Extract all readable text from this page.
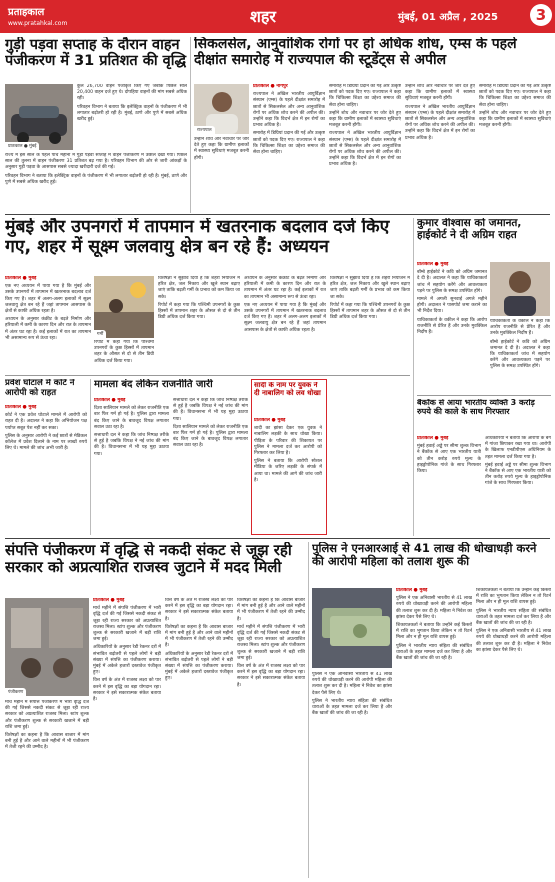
प्रताहकाल
www.pratahkal.com	शहर	मुंबई, 01 अप्रैल , 2025	3
गुड़ी पड़वा सप्ताह के दौरान वाहन पंजीकरण में 31 प्रतिशत की वृद्धि
प्रातःकाल ● मुंबई

कुल 26,700 वाहन पंजीकृत किए गए जबकि पिछले साल 20,400 वाहन दर्ज हुए थे। दोपहिया वाहनों की मांग सबसे अधिक रही।

परिवहन विभाग ने बताया कि इलेक्ट्रिक वाहनों के पंजीकरण में भी लगातार बढ़ोतरी हो रही है। मुंबई, ठाणे और पुणे में सबसे अधिक खरीद हुई।

राज्य में इस साल के पहले पांच महीनों में गुड़ी पड़वा सप्ताह में वाहन पंजीकरण में उछाल देखा गया। पिछले साल की तुलना में वाहन पंजीकरण 31 प्रतिशत बढ़ गया है। परिवहन विभाग की ओर से जारी आंकड़ों के अनुसार गुड़ी पड़वा के आसपास सबसे ज्यादा खरीदारी दर्ज की गई।

परिवहन विभाग ने बताया कि इलेक्ट्रिक वाहनों के पंजीकरण में भी लगातार बढ़ोतरी हो रही है। मुंबई, ठाणे और पुणे में सबसे अधिक खरीद हुई।

सिकलसेल, आनुवांशिक रोगों पर हो अधिक शोध, एम्स के पहले दीक्षांत समारोह में राज्यपाल की स्टूडेंट्स से अपील
राज्यपाल

उन्होंने शोध और नवाचार पर जोर देते हुए कहा कि ग्रामीण इलाकों में स्वास्थ्य सुविधाएं मजबूत करनी होंगी।

प्रातःकाल ● नागपुर

राज्यपाल ने अखिल भारतीय आयुर्विज्ञान संस्थान (एम्स) के पहले दीक्षांत समारोह में छात्रों से सिकलसेल और अन्य आनुवांशिक रोगों पर अधिक शोध करने की अपील की। उन्होंने कहा कि विदर्भ क्षेत्र में इन रोगों का प्रभाव अधिक है।

समारोह में डिग्रियां प्रदान की गईं और उत्कृष्ट छात्रों को पदक दिए गए। राज्यपाल ने कहा कि चिकित्सा शिक्षा का उद्देश्य समाज की सेवा होना चाहिए।

समारोह में डिग्रियां प्रदान की गईं और उत्कृष्ट छात्रों को पदक दिए गए। राज्यपाल ने कहा कि चिकित्सा शिक्षा का उद्देश्य समाज की सेवा होना चाहिए।

उन्होंने शोध और नवाचार पर जोर देते हुए कहा कि ग्रामीण इलाकों में स्वास्थ्य सुविधाएं मजबूत करनी होंगी।

राज्यपाल ने अखिल भारतीय आयुर्विज्ञान संस्थान (एम्स) के पहले दीक्षांत समारोह में छात्रों से सिकलसेल और अन्य आनुवांशिक रोगों पर अधिक शोध करने की अपील की। उन्होंने कहा कि विदर्भ क्षेत्र में इन रोगों का प्रभाव अधिक है।

उन्होंने शोध और नवाचार पर जोर देते हुए कहा कि ग्रामीण इलाकों में स्वास्थ्य सुविधाएं मजबूत करनी होंगी।

राज्यपाल ने अखिल भारतीय आयुर्विज्ञान संस्थान (एम्स) के पहले दीक्षांत समारोह में छात्रों से सिकलसेल और अन्य आनुवांशिक रोगों पर अधिक शोध करने की अपील की। उन्होंने कहा कि विदर्भ क्षेत्र में इन रोगों का प्रभाव अधिक है।

समारोह में डिग्रियां प्रदान की गईं और उत्कृष्ट छात्रों को पदक दिए गए। राज्यपाल ने कहा कि चिकित्सा शिक्षा का उद्देश्य समाज की सेवा होना चाहिए।

उन्होंने शोध और नवाचार पर जोर देते हुए कहा कि ग्रामीण इलाकों में स्वास्थ्य सुविधाएं मजबूत करनी होंगी।

मुंबई और उपनगरों में तापमान में खतरनाक बदलाव दर्ज किए गए, शहर में सूक्ष्म जलवायु क्षेत्र बन रहे हैं: अध्ययन
प्रातःकाल ● मुंबई

एक नए अध्ययन में पाया गया है कि मुंबई और उसके उपनगरों में तापमान में खतरनाक बदलाव दर्ज किए गए हैं। शहर में अलग-अलग इलाकों में सूक्ष्म जलवायु क्षेत्र बन रहे हैं जहां तापमान आसपास के क्षेत्रों से काफी अधिक रहता है।

अध्ययन के अनुसार कंक्रीट के बढ़ते निर्माण और हरियाली में कमी के कारण दिन और रात के तापमान में अंतर घट रहा है। कई इलाकों में रात का तापमान भी असामान्य रूप से ऊंचा रहा।

गर्मी

रिपोर्ट में कहा गया कि पश्चिमी उपनगरों के कुछ हिस्सों में तापमान शहर के औसत से दो से तीन डिग्री अधिक दर्ज किया गया।

विशेषज्ञों ने सुझाव दिया है कि शहरी नियोजन में हरित क्षेत्र, जल निकाय और खुले स्थान बढ़ाए जाएं ताकि बढ़ती गर्मी के प्रभाव को कम किया जा सके।

रिपोर्ट में कहा गया कि पश्चिमी उपनगरों के कुछ हिस्सों में तापमान शहर के औसत से दो से तीन डिग्री अधिक दर्ज किया गया।

अध्ययन के अनुसार कंक्रीट के बढ़ते निर्माण और हरियाली में कमी के कारण दिन और रात के तापमान में अंतर घट रहा है। कई इलाकों में रात का तापमान भी असामान्य रूप से ऊंचा रहा।

एक नए अध्ययन में पाया गया है कि मुंबई और उसके उपनगरों में तापमान में खतरनाक बदलाव दर्ज किए गए हैं। शहर में अलग-अलग इलाकों में सूक्ष्म जलवायु क्षेत्र बन रहे हैं जहां तापमान आसपास के क्षेत्रों से काफी अधिक रहता है।

विशेषज्ञों ने सुझाव दिया है कि शहरी नियोजन में हरित क्षेत्र, जल निकाय और खुले स्थान बढ़ाए जाएं ताकि बढ़ती गर्मी के प्रभाव को कम किया जा सके।

रिपोर्ट में कहा गया कि पश्चिमी उपनगरों के कुछ हिस्सों में तापमान शहर के औसत से दो से तीन डिग्री अधिक दर्ज किया गया।

कुमार वीश्वास को जमानत, हाईकोर्ट ने दी अग्रिम राहत
प्रातःकाल ● मुंबई

बॉम्बे हाईकोर्ट ने कवि को अग्रिम जमानत दे दी है। अदालत ने कहा कि याचिकाकर्ता जांच में सहयोग करेंगे और आवश्यकता पड़ने पर पुलिस के समक्ष उपस्थित होंगे।

मामले में अगली सुनवाई अगले महीने होगी। अदालत ने पासपोर्ट जमा कराने का भी निर्देश दिया।

याचिकाकर्ता के वकील ने कहा कि आरोप राजनीति से प्रेरित हैं और उनके मुवक्किल निर्दोष हैं।

याचिकाकर्ता के वकील ने कहा कि आरोप राजनीति से प्रेरित हैं और उनके मुवक्किल निर्दोष हैं।

बॉम्बे हाईकोर्ट ने कवि को अग्रिम जमानत दे दी है। अदालत ने कहा कि याचिकाकर्ता जांच में सहयोग करेंगे और आवश्यकता पड़ने पर पुलिस के समक्ष उपस्थित होंगे।

प्रवेश घोटाले में कोर्ट ने आरोपी को राहत
प्रातःकाल ● मुंबई

कोर्ट ने एक प्रवेश घोटाले मामले में आरोपी को राहत दी है। अदालत ने कहा कि अभियोजन पक्ष पर्याप्त सबूत पेश नहीं कर सका।

पुलिस के अनुसार आरोपी ने कई छात्रों से मेडिकल कॉलेज में प्रवेश दिलाने के नाम पर लाखों रुपये लिए थे। मामले की जांच अभी जारी है।

मामला बंद लेकिन राजनीति जारी
प्रातःकाल ● मुंबई

दिशा सालियान मामले को लेकर राजनीति एक बार फिर गर्म हो गई है। पुलिस द्वारा मामला बंद किए जाने के बावजूद विपक्ष लगातार सवाल उठा रहा है।

सत्ताधारी दल ने कहा कि जांच निष्पक्ष तरीके से हुई है जबकि विपक्ष ने नई जांच की मांग की है। विधानसभा में भी यह मुद्दा उठाया गया।

सत्ताधारी दल ने कहा कि जांच निष्पक्ष तरीके से हुई है जबकि विपक्ष ने नई जांच की मांग की है। विधानसभा में भी यह मुद्दा उठाया गया।

दिशा सालियान मामले को लेकर राजनीति एक बार फिर गर्म हो गई है। पुलिस द्वारा मामला बंद किए जाने के बावजूद विपक्ष लगातार सवाल उठा रहा है।

सादी के नाम पर युवक ने दी नाबालिग को लव धोखा
प्रातःकाल ● मुंबई

शादी का झांसा देकर एक युवक ने नाबालिग लड़की के साथ धोखा किया। पीड़िता के परिवार की शिकायत पर पुलिस ने मामला दर्ज कर आरोपी को गिरफ्तार कर लिया है।

पुलिस ने बताया कि आरोपी सोशल मीडिया के जरिए लड़की के संपर्क में आया था। मामले की आगे की जांच जारी है।

बैंकॉक से आया भारतीय व्यक्ति 3 करोड़ रुपये की काले के साथ गिरफ्तार
प्रातःकाल ● मुंबई

मुंबई हवाई अड्डे पर सीमा शुल्क विभाग ने बैंकॉक से आए एक भारतीय यात्री को तीन करोड़ रुपये मूल्य के हाइड्रोपोनिक गांजे के साथ गिरफ्तार किया।

अधिकारियों ने बताया कि आरोपी के बैग में गांजा छिपाकर रखा गया था। आरोपी के खिलाफ एनडीपीएस अधिनियम के तहत मामला दर्ज किया गया है।

मुंबई हवाई अड्डे पर सीमा शुल्क विभाग ने बैंकॉक से आए एक भारतीय यात्री को तीन करोड़ रुपये मूल्य के हाइड्रोपोनिक गांजे के साथ गिरफ्तार किया।

संपत्ति पंजीकरण में वृद्धि से नकदी संकट से जूझ रही सरकार को अप्रत्याशित राजस्व जुटाने में मदद मिली
पंजीकरण

मार्च महीने में संपत्ति पंजीकरण में भारी वृद्धि दर्ज की गई जिससे नकदी संकट से जूझ रही राज्य सरकार को अप्रत्याशित राजस्व मिला। स्टांप शुल्क और पंजीकरण शुल्क से सरकारी खजाने में बड़ी राशि जमा हुई।

विशेषज्ञों का कहना है कि आवास बाजार में मांग बनी हुई है और आने वाले महीनों में भी पंजीकरण में तेजी रहने की उम्मीद है।

प्रातःकाल ● मुंबई

मार्च महीने में संपत्ति पंजीकरण में भारी वृद्धि दर्ज की गई जिससे नकदी संकट से जूझ रही राज्य सरकार को अप्रत्याशित राजस्व मिला। स्टांप शुल्क और पंजीकरण शुल्क से सरकारी खजाने में बड़ी राशि जमा हुई।

अधिकारियों के अनुसार रेडी रेकनर दरों में संभावित बढ़ोतरी से पहले लोगों ने बड़ी संख्या में संपत्ति का पंजीकरण कराया। मुंबई में अकेले हजारों दस्तावेज पंजीकृत हुए।

वित्त वर्ष के अंत में राजस्व लक्ष्य को पार करने में इस वृद्धि का बड़ा योगदान रहा। सरकार ने इसे सकारात्मक संकेत बताया है।

वित्त वर्ष के अंत में राजस्व लक्ष्य को पार करने में इस वृद्धि का बड़ा योगदान रहा। सरकार ने इसे सकारात्मक संकेत बताया है।

विशेषज्ञों का कहना है कि आवास बाजार में मांग बनी हुई है और आने वाले महीनों में भी पंजीकरण में तेजी रहने की उम्मीद है।

अधिकारियों के अनुसार रेडी रेकनर दरों में संभावित बढ़ोतरी से पहले लोगों ने बड़ी संख्या में संपत्ति का पंजीकरण कराया। मुंबई में अकेले हजारों दस्तावेज पंजीकृत हुए।

विशेषज्ञों का कहना है कि आवास बाजार में मांग बनी हुई है और आने वाले महीनों में भी पंजीकरण में तेजी रहने की उम्मीद है।

मार्च महीने में संपत्ति पंजीकरण में भारी वृद्धि दर्ज की गई जिससे नकदी संकट से जूझ रही राज्य सरकार को अप्रत्याशित राजस्व मिला। स्टांप शुल्क और पंजीकरण शुल्क से सरकारी खजाने में बड़ी राशि जमा हुई।

वित्त वर्ष के अंत में राजस्व लक्ष्य को पार करने में इस वृद्धि का बड़ा योगदान रहा। सरकार ने इसे सकारात्मक संकेत बताया है।

पुलिस ने एनआरआई से 41 लाख की धोखाधड़ी करने की आरोपी महिला को तलाश शुरू की

पुलिस ने एक अनिवासी भारतीय से 41 लाख रुपये की धोखाधड़ी करने की आरोपी महिला की तलाश शुरू कर दी है। महिला ने निवेश का झांसा देकर पैसे लिए थे।

पुलिस ने भारतीय न्याय संहिता की संबंधित धाराओं के तहत मामला दर्ज कर लिया है और बैंक खातों की जांच की जा रही है।

प्रातःकाल ● मुंबई

पुलिस ने एक अनिवासी भारतीय से 41 लाख रुपये की धोखाधड़ी करने की आरोपी महिला की तलाश शुरू कर दी है। महिला ने निवेश का झांसा देकर पैसे लिए थे।

शिकायतकर्ता ने बताया कि उन्होंने कई किस्तों में राशि का भुगतान किया लेकिन न तो रिटर्न मिला और न ही मूल राशि वापस हुई।

पुलिस ने भारतीय न्याय संहिता की संबंधित धाराओं के तहत मामला दर्ज कर लिया है और बैंक खातों की जांच की जा रही है।

शिकायतकर्ता ने बताया कि उन्होंने कई किस्तों में राशि का भुगतान किया लेकिन न तो रिटर्न मिला और न ही मूल राशि वापस हुई।

पुलिस ने भारतीय न्याय संहिता की संबंधित धाराओं के तहत मामला दर्ज कर लिया है और बैंक खातों की जांच की जा रही है।

पुलिस ने एक अनिवासी भारतीय से 41 लाख रुपये की धोखाधड़ी करने की आरोपी महिला की तलाश शुरू कर दी है। महिला ने निवेश का झांसा देकर पैसे लिए थे।
